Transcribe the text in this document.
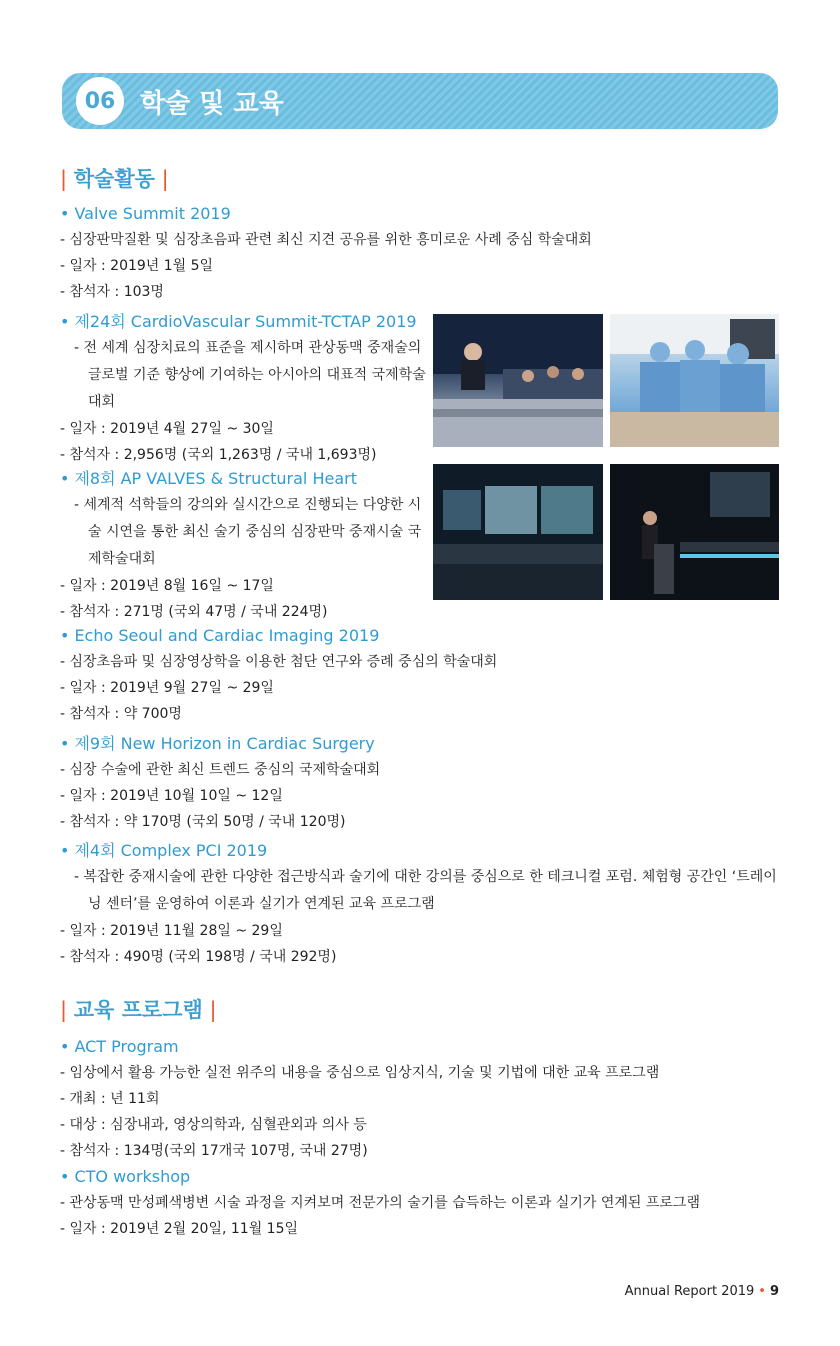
06 학술 및 교육
| 학술활동 |

• Valve Summit 2019

- 심장판막질환 및 심장초음파 관련 최신 지견 공유를 위한 흥미로운 사례 중심 학술대회

- 일자 : 2019년 1월 5일

- 참석자 : 103명

• 제24회 CardioVascular Summit-TCTAP 2019

- 전 세계 심장치료의 표준을 제시하며 관상동맥 중재술의 글로벌 기준 향상에 기여하는 아시아의 대표적 국제학술대회

- 일자 : 2019년 4월 27일 ~ 30일

- 참석자 : 2,956명 (국외 1,263명 / 국내 1,693명)

• 제8회 AP VALVES & Structural Heart

- 세계적 석학들의 강의와 실시간으로 진행되는 다양한 시술 시연을 통한 최신 술기 중심의 심장판막 중재시술 국제학술대회

- 일자 : 2019년 8월 16일 ~ 17일

- 참석자 : 271명 (국외 47명 / 국내 224명)

• Echo Seoul and Cardiac Imaging 2019

- 심장초음파 및 심장영상학을 이용한 첨단 연구와 증례 중심의 학술대회

- 일자 : 2019년 9월 27일 ~ 29일

- 참석자 : 약 700명

• 제9회 New Horizon in Cardiac Surgery

- 심장 수술에 관한 최신 트렌드 중심의 국제학술대회

- 일자 : 2019년 10월 10일 ~ 12일

- 참석자 : 약 170명 (국외 50명 / 국내 120명)

• 제4회 Complex PCI 2019

- 복잡한 중재시술에 관한 다양한 접근방식과 술기에 대한 강의를 중심으로 한 테크니컬 포럼. 체험형 공간인 ‘트레이닝 센터’를 운영하여 이론과 실기가 연계된 교육 프로그램

- 일자 : 2019년 11월 28일 ~ 29일

- 참석자 : 490명 (국외 198명 / 국내 292명)

| 교육 프로그램 |

• ACT Program

- 임상에서 활용 가능한 실전 위주의 내용을 중심으로 임상지식, 기술 및 기법에 대한 교육 프로그램

- 개최 : 년 11회

- 대상 : 심장내과, 영상의학과, 심혈관외과 의사 등

- 참석자 : 134명(국외 17개국 107명, 국내 27명)

• CTO workshop

- 관상동맥 만성폐색병변 시술 과정을 지켜보며 전문가의 술기를 습득하는 이론과 실기가 연계된 프로그램

- 일자 : 2019년 2월 20일, 11월 15일

Annual Report 2019 • 9
